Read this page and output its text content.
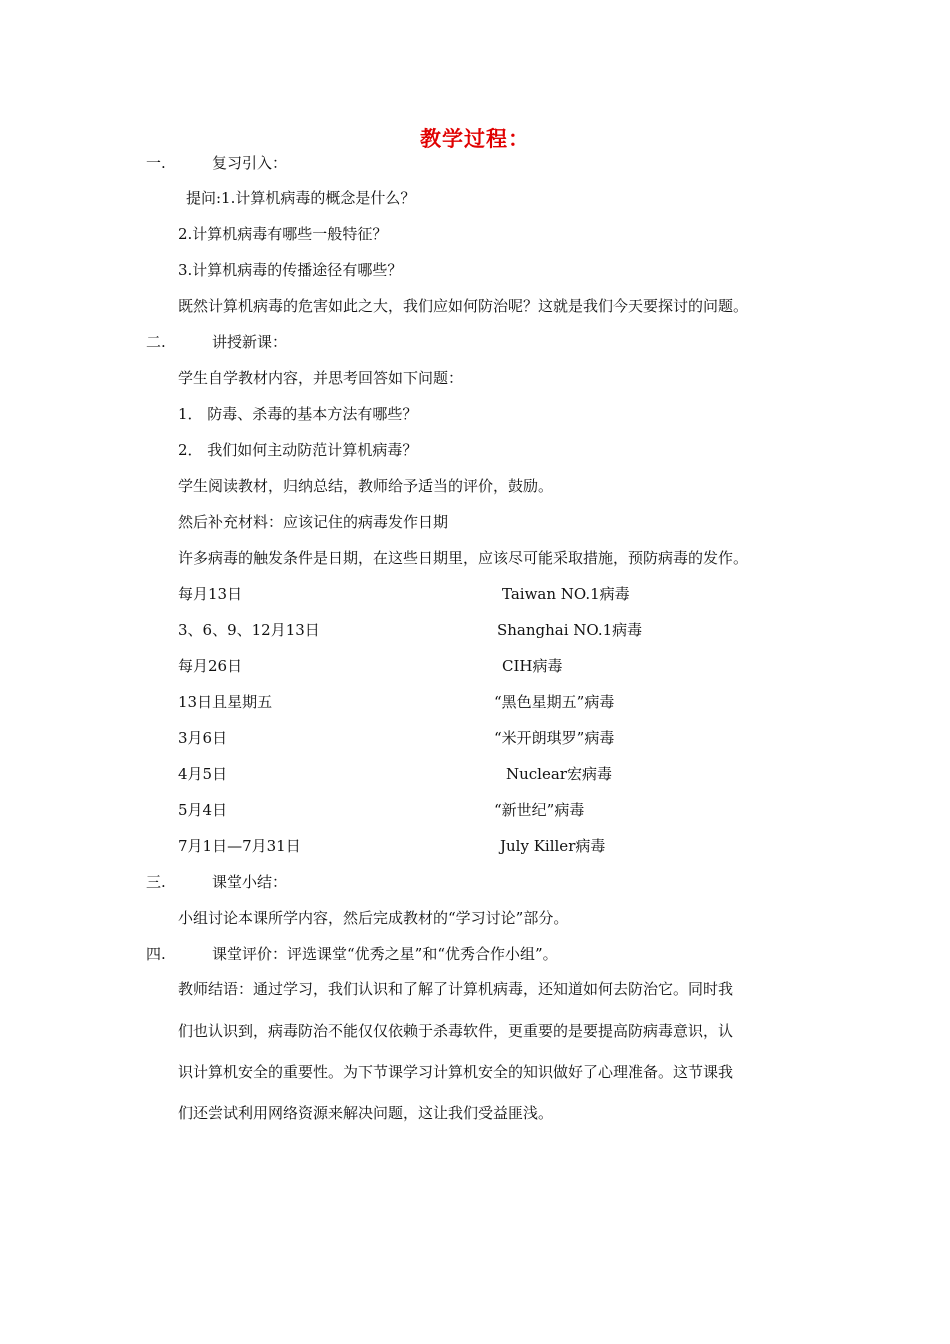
教学过程：
一.	复习引入：
提问:1.计算机病毒的概念是什么？
2.计算机病毒有哪些一般特征？
3.计算机病毒的传播途径有哪些？
既然计算机病毒的危害如此之大，我们应如何防治呢？这就是我们今天要探讨的问题。
二.	讲授新课：
学生自学教材内容，并思考回答如下问题：
1． 防毒、杀毒的基本方法有哪些？
2． 我们如何主动防范计算机病毒？
学生阅读教材，归纳总结，教师给予适当的评价，鼓励。
然后补充材料：应该记住的病毒发作日期
许多病毒的触发条件是日期，在这些日期里，应该尽可能采取措施，预防病毒的发作。
每月13日	Taiwan NO.1病毒
3、6、9、12月13日	Shanghai NO.1病毒
每月26日	CIH病毒
13日且星期五	“黑色星期五”病毒
3月6日	“米开朗琪罗”病毒
4月5日	Nuclear宏病毒
5月4日	“新世纪”病毒
7月1日—7月31日	July Killer病毒
三.	课堂小结：
小组讨论本课所学内容，然后完成教材的“学习讨论”部分。
四.	课堂评价：评选课堂“优秀之星”和“优秀合作小组”。
教师结语：通过学习，我们认识和了解了计算机病毒，还知道如何去防治它。同时我
们也认识到，病毒防治不能仅仅依赖于杀毒软件，更重要的是要提高防病毒意识，认
识计算机安全的重要性。为下节课学习计算机安全的知识做好了心理准备。这节课我
们还尝试利用网络资源来解决问题，这让我们受益匪浅。
